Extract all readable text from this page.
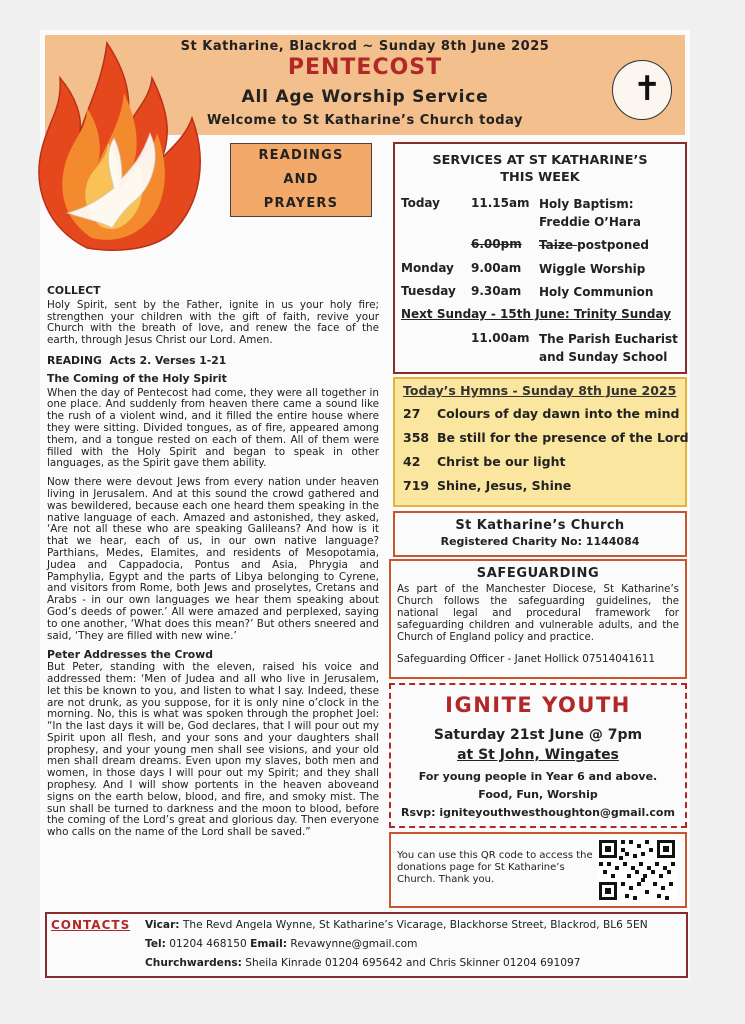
St Katharine, Blackrod ~ Sunday 8th June 2025
PENTECOST
All Age Worship Service
Welcome to St Katharine’s Church today
✝
READINGS
AND
PRAYERS
COLLECT

Holy Spirit, sent by the Father, ignite in us your holy fire; strengthen your children with the gift of faith, revive your Church with the breath of love, and renew the face of the earth, through Jesus Christ our Lord. Amen.

READING Acts 2. Verses 1-21
The Coming of the Holy Spirit

When the day of Pentecost had come, they were all together in one place. And suddenly from heaven there came a sound like the rush of a violent wind, and it filled the entire house where they were sitting. Divided tongues, as of fire, appeared among them, and a tongue rested on each of them. All of them were filled with the Holy Spirit and began to speak in other languages, as the Spirit gave them ability.

Now there were devout Jews from every nation under heaven living in Jerusalem. And at this sound the crowd gathered and was bewildered, because each one heard them speaking in the native language of each. Amazed and astonished, they asked, ‘Are not all these who are speaking Galileans? And how is it that we hear, each of us, in our own native language? Parthians, Medes, Elamites, and residents of Mesopotamia, Judea and Cappadocia, Pontus and Asia, Phrygia and Pamphylia, Egypt and the parts of Libya belonging to Cyrene, and visitors from Rome, both Jews and proselytes, Cretans and Arabs - in our own languages we hear them speaking about God’s deeds of power.’ All were amazed and perplexed, saying to one another, ‘What does this mean?’ But others sneered and said, ‘They are filled with new wine.’

Peter Addresses the Crowd

But Peter, standing with the eleven, raised his voice and addressed them: ‘Men of Judea and all who live in Jerusalem, let this be known to you, and listen to what I say. Indeed, these are not drunk, as you suppose, for it is only nine o’clock in the morning. No, this is what was spoken through the prophet Joel: “In the last days it will be, God declares, that I will pour out my Spirit upon all flesh, and your sons and your daughters shall prophesy, and your young men shall see visions, and your old men shall dream dreams. Even upon my slaves, both men and women, in those days I will pour out my Spirit; and they shall prophesy. And I will show portents in the heaven aboveand signs on the earth below, blood, and fire, and smoky mist. The sun shall be turned to darkness and the moon to blood, before the coming of the Lord’s great and glorious day. Then everyone who calls on the name of the Lord shall be saved.”

SERVICES AT ST KATHARINE’S
THIS WEEK
Today	11.15am Holy Baptism:
Freddie O’Hara
6.00pm Taize postponed
Monday 9.00am Wiggle Worship
Tuesday 9.30am Holy Communion
Next Sunday - 15th June: Trinity Sunday
11.00am The Parish Eucharist
and Sunday School
Today’s Hymns - Sunday 8th June 2025
27 Colours of day dawn into the mind
358 Be still for the presence of the Lord
42 Christ be our light
719 Shine, Jesus, Shine
St Katharine’s Church
Registered Charity No: 1144084
SAFEGUARDING
As part of the Manchester Diocese, St Katharine’s Church follows the safeguarding guidelines, the national legal and procedural framework for safeguarding children and vulnerable adults, and the Church of England policy and practice.
Safeguarding Officer - Janet Hollick 07514041611
IGNITE YOUTH
Saturday 21st June @ 7pm
at St John, Wingates
For young people in Year 6 and above.
Food, Fun, Worship
Rsvp: igniteyouthwesthoughton@gmail.com
You can use this QR code to access the donations page for St Katharine’s Church. Thank you.
CONTACTS Vicar: The Revd Angela Wynne, St Katharine’s Vicarage, Blackhorse Street, Blackrod, BL6 5EN
Tel: 01204 468150 Email: Revawynne@gmail.com
Churchwardens: Sheila Kinrade 01204 695642 and Chris Skinner 01204 691097
